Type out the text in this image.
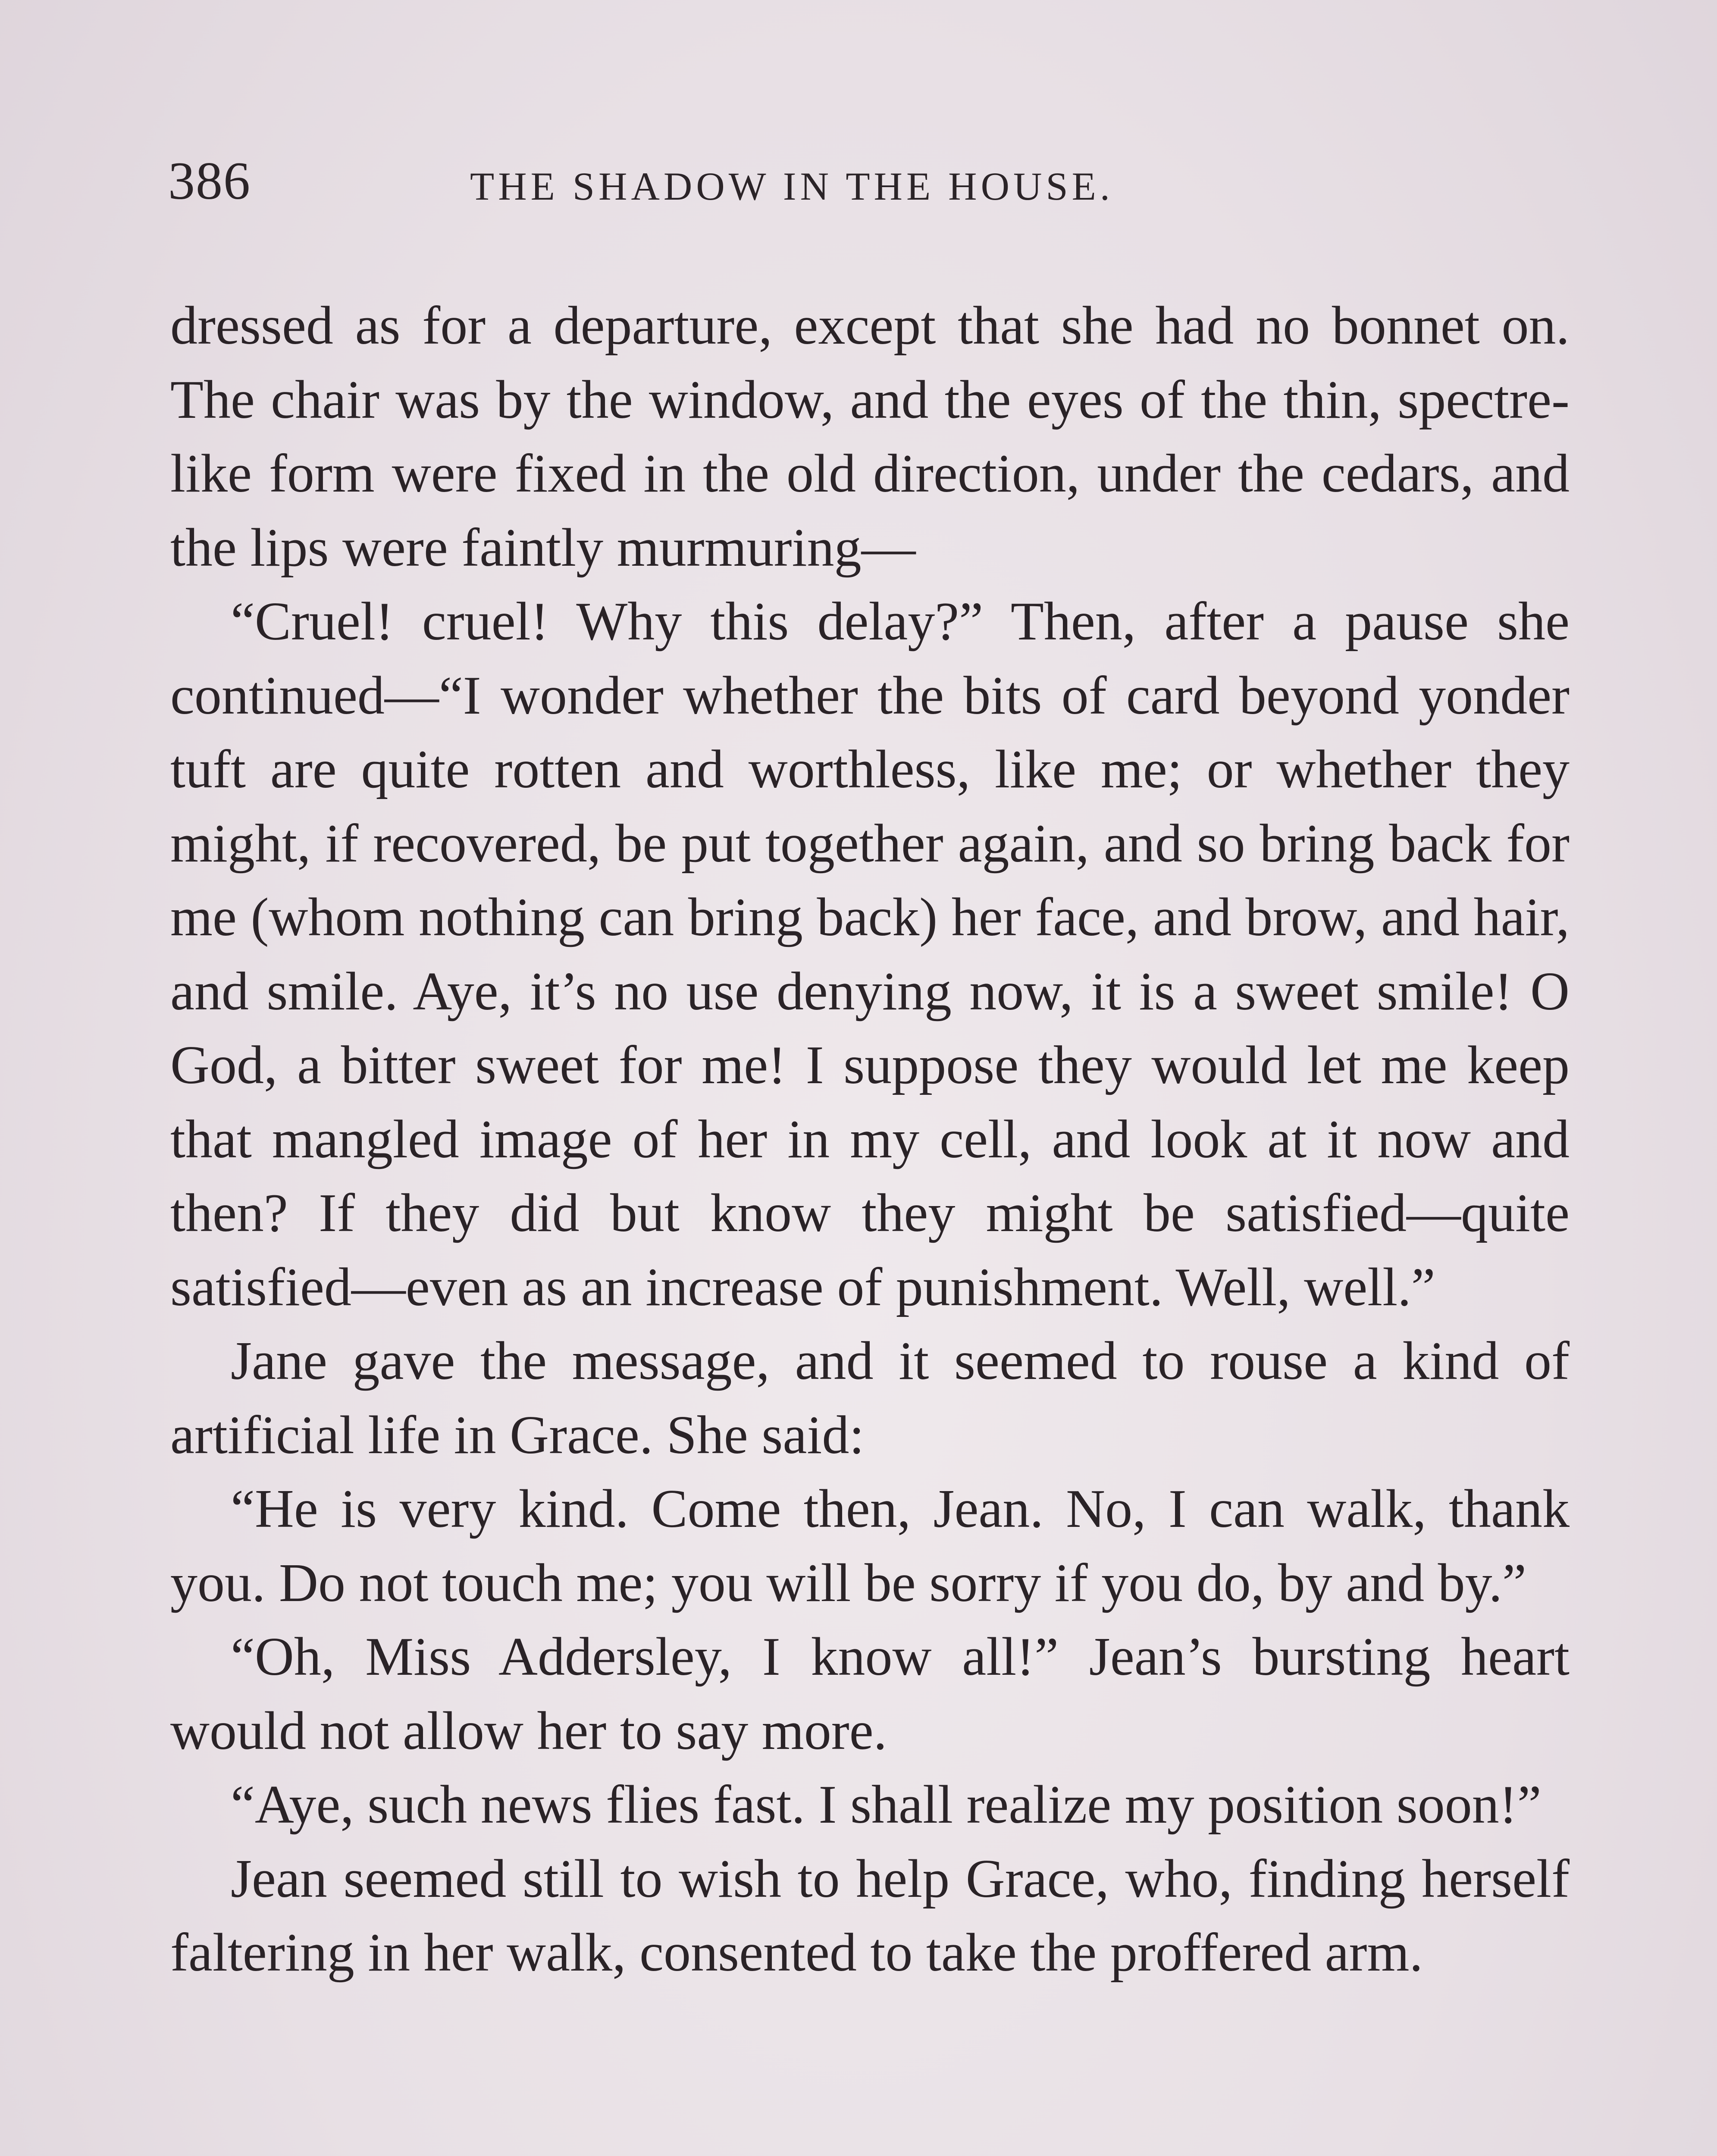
386	THE SHADOW IN THE HOUSE.

dressed as for a departure, except that she had no bonnet on. The chair was by the window, and the eyes of the thin, spectre-like form were fixed in the old direction, under the cedars, and the lips were faintly murmuring—

“Cruel! cruel! Why this delay?” Then, after a pause she continued—“I wonder whether the bits of card beyond yonder tuft are quite rotten and worthless, like me; or whether they might, if recovered, be put together again, and so bring back for me (whom nothing can bring back) her face, and brow, and hair, and smile. Aye, it’s no use denying now, it is a sweet smile! O God, a bitter sweet for me! I suppose they would let me keep that mangled image of her in my cell, and look at it now and then? If they did but know they might be satisfied—quite satisfied—even as an increase of punishment. Well, well.”

Jane gave the message, and it seemed to rouse a kind of artificial life in Grace. She said:

“He is very kind. Come then, Jean. No, I can walk, thank you. Do not touch me; you will be sorry if you do, by and by.”

“Oh, Miss Addersley, I know all!” Jean’s bursting heart would not allow her to say more.

“Aye, such news flies fast. I shall realize my position soon!”

Jean seemed still to wish to help Grace, who, finding herself faltering in her walk, consented to take the proffered arm.
